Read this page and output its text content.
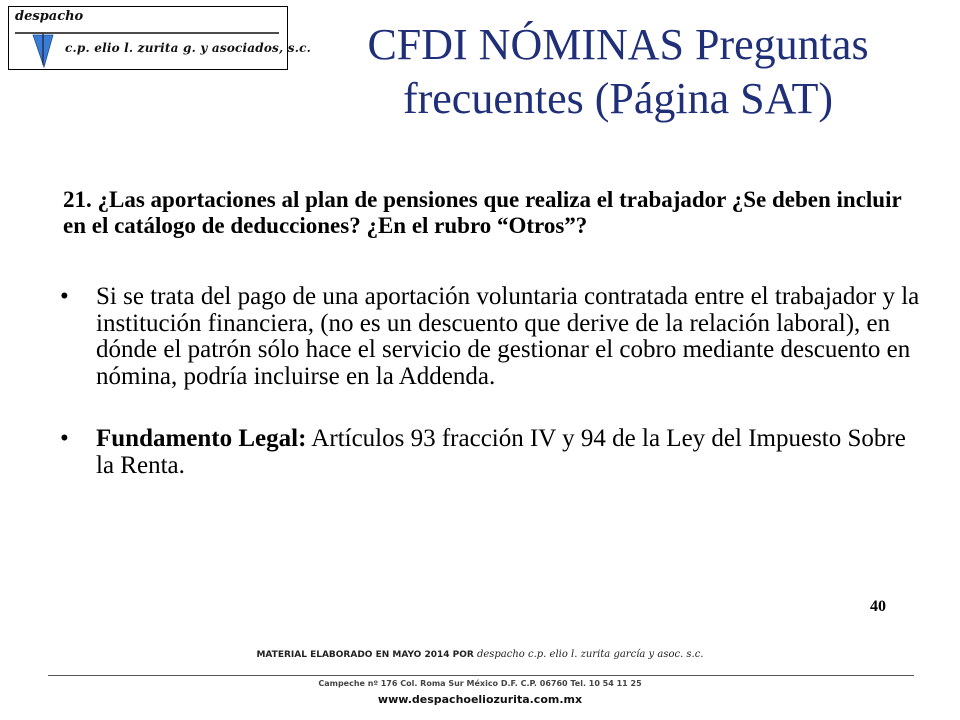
despacho
c.p. elio l. zurita g. y asociados, s.c.	CFDI NÓMINAS Preguntas frecuentes (Página SAT)

21. ¿Las aportaciones al plan de pensiones que realiza el trabajador ¿Se deben incluir en el catálogo de deducciones? ¿En el rubro “Otros”?

• Si se trata del pago de una aportación voluntaria contratada entre el trabajador y la institución financiera, (no es un descuento que derive de la relación laboral), en dónde el patrón sólo hace el servicio de gestionar el cobro mediante descuento en nómina, podría incluirse en la Addenda.
• Fundamento Legal: Artículos 93 fracción IV y 94 de la Ley del Impuesto Sobre la Renta.
40
MATERIAL ELABORADO EN MAYO 2014 POR despacho c.p. elio l. zurita garcía y asoc. s.c.
Campeche nº 176 Col. Roma Sur México D.F. C.P. 06760 Tel. 10 54 11 25
www.despachoeliozurita.com.mx
